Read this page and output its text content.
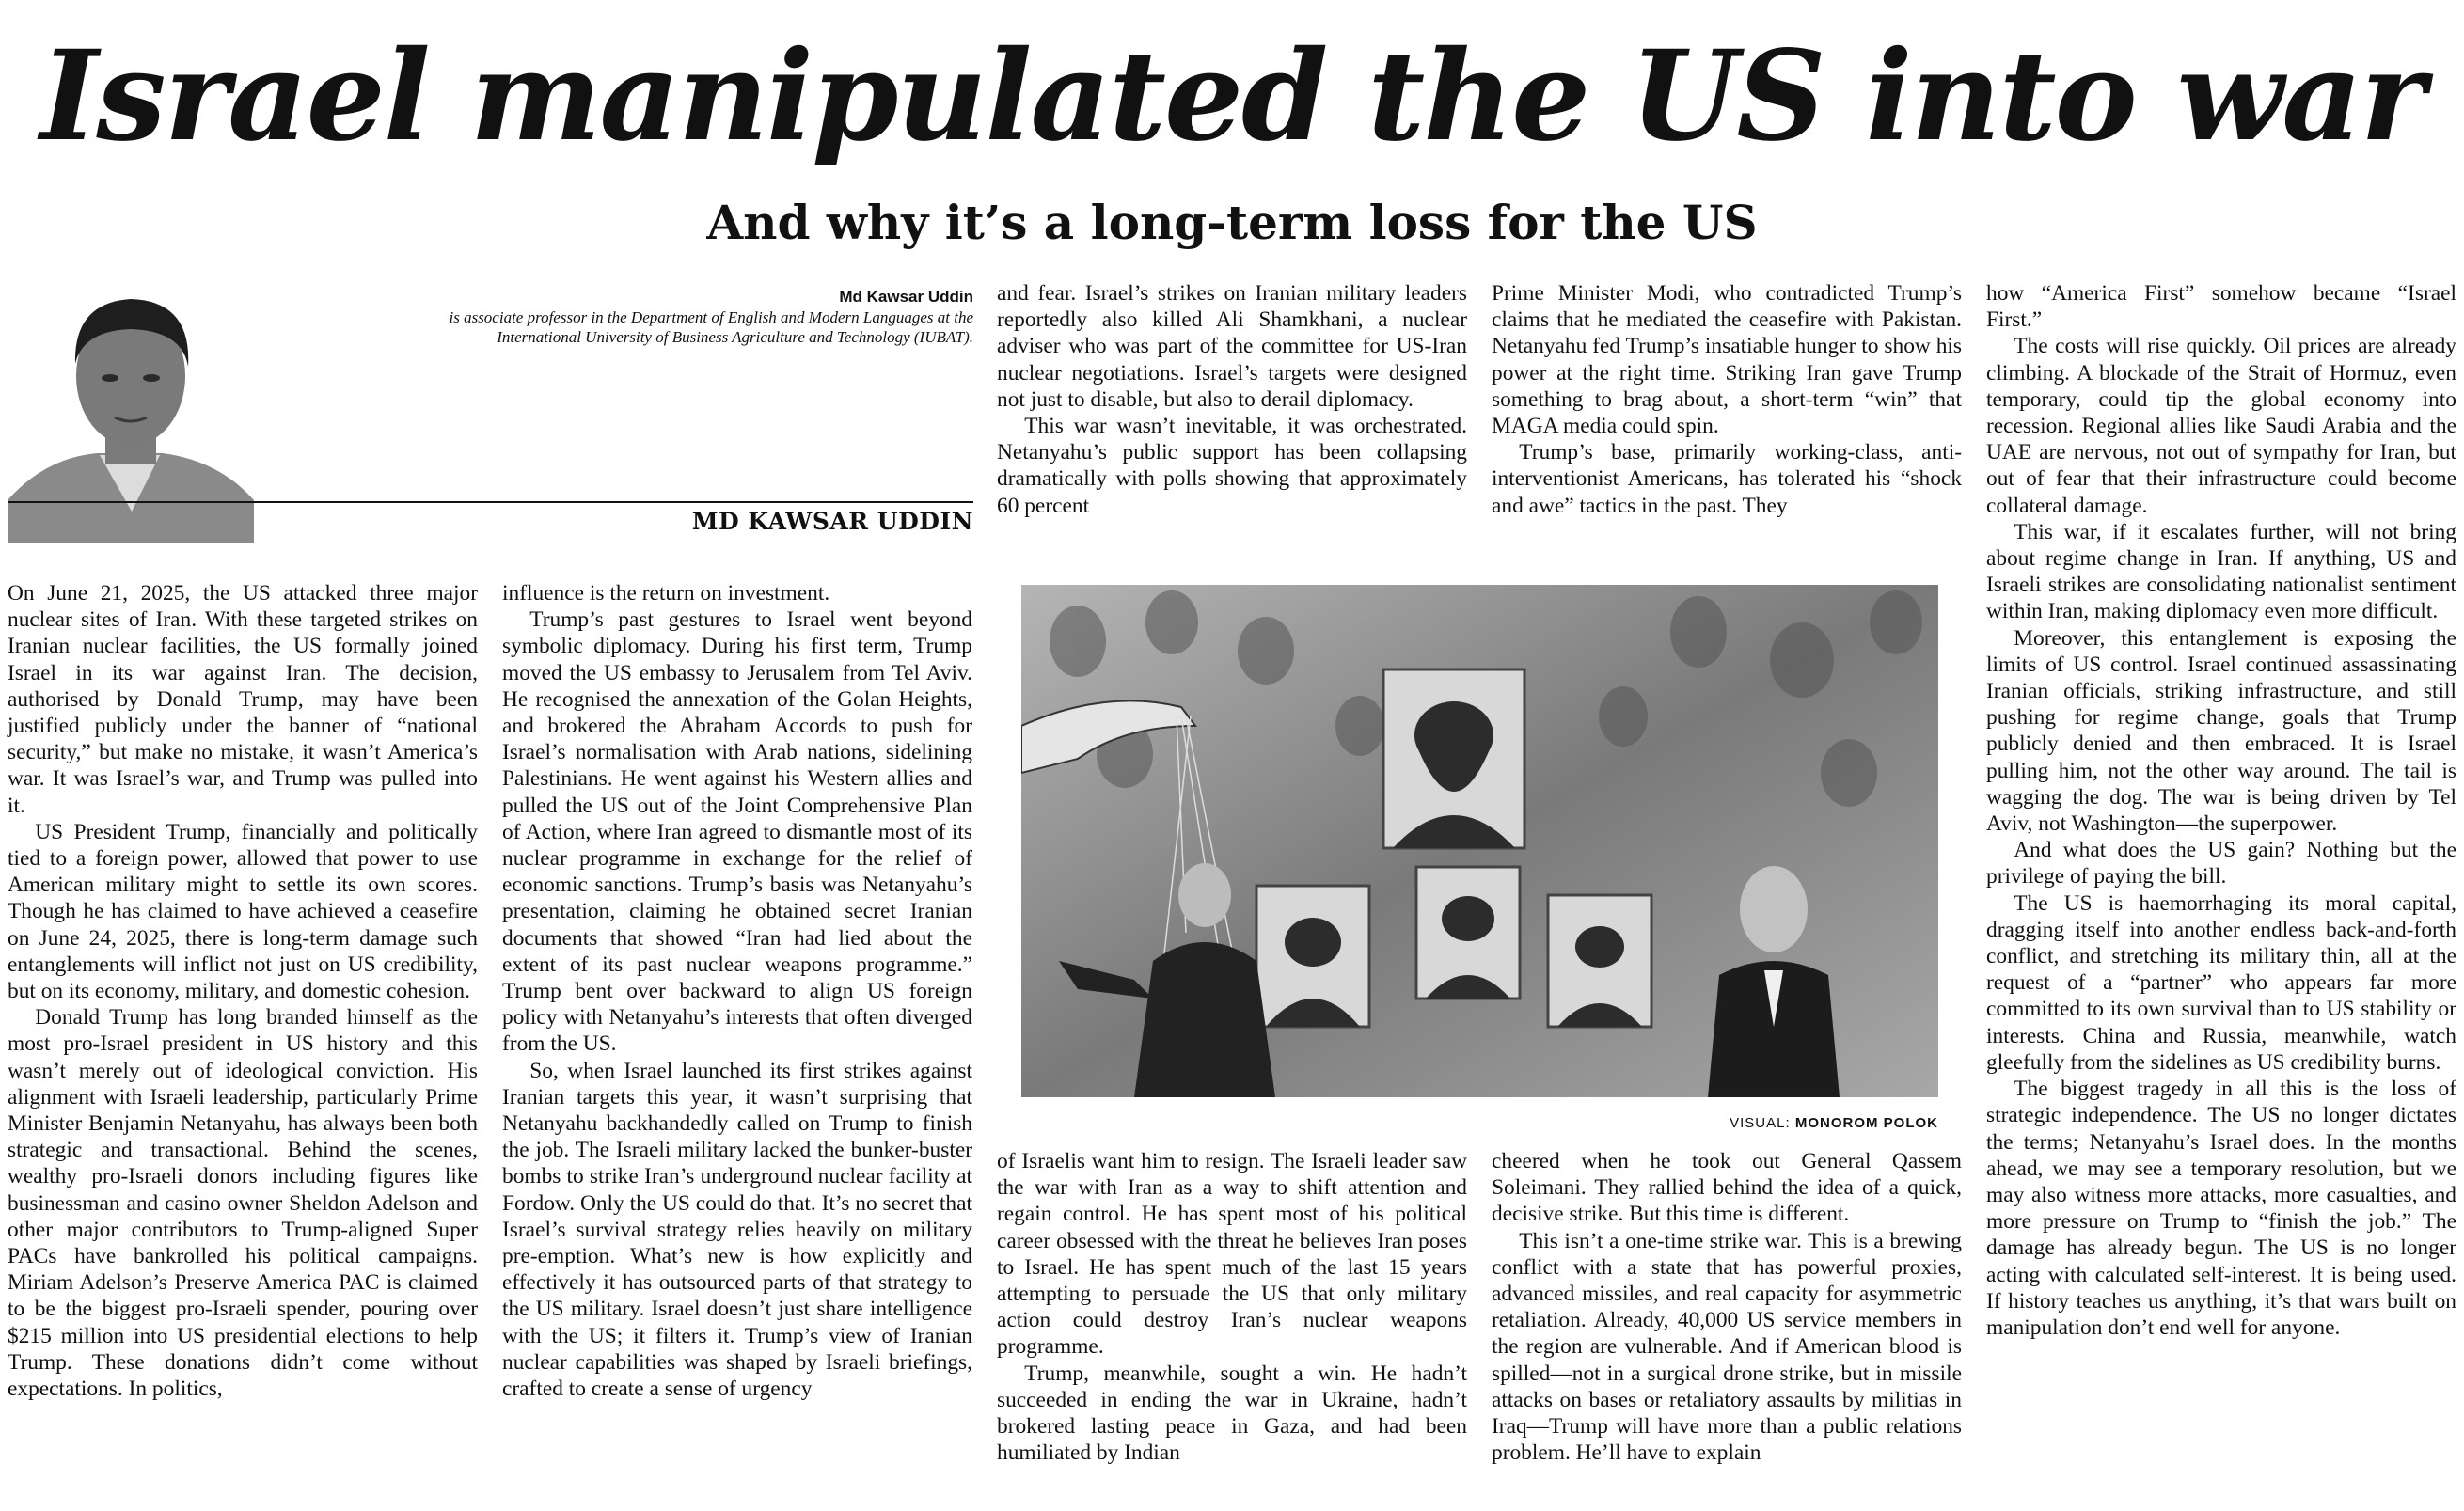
Israel manipulated the US into war
And why it’s a long-term loss for the US
Md Kawsar Uddin
is associate professor in the Department of English and Modern Languages at the International University of Business Agriculture and Technology (IUBAT).
MD KAWSAR UDDIN

On June 21, 2025, the US attacked three major nuclear sites of Iran. With these targeted strikes on Iranian nuclear facilities, the US formally joined Israel in its war against Iran. The decision, authorised by Donald Trump, may have been justified publicly under the banner of “national security,” but make no mistake, it wasn’t America’s war. It was Israel’s war, and Trump was pulled into it.

US President Trump, financially and politically tied to a foreign power, allowed that power to use American military might to settle its own scores. Though he has claimed to have achieved a ceasefire on June 24, 2025, there is long-term damage such entanglements will inflict not just on US credibility, but on its economy, military, and domestic cohesion.

Donald Trump has long branded himself as the most pro-Israel president in US history and this wasn’t merely out of ideological conviction. His alignment with Israeli leadership, particularly Prime Minister Benjamin Netanyahu, has always been both strategic and transactional. Behind the scenes, wealthy pro-Israeli donors including figures like businessman and casino owner Sheldon Adelson and other major contributors to Trump-aligned Super PACs have bankrolled his political campaigns. Miriam Adelson’s Preserve America PAC is claimed to be the biggest pro-Israeli spender, pouring over $215 million into US presidential elections to help Trump. These donations didn’t come without expectations. In politics,

influence is the return on investment.

Trump’s past gestures to Israel went beyond symbolic diplomacy. During his first term, Trump moved the US embassy to Jerusalem from Tel Aviv. He recognised the annexation of the Golan Heights, and brokered the Abraham Accords to push for Israel’s normalisation with Arab nations, sidelining Palestinians. He went against his Western allies and pulled the US out of the Joint Comprehensive Plan of Action, where Iran agreed to dismantle most of its nuclear programme in exchange for the relief of economic sanctions. Trump’s basis was Netanyahu’s presentation, claiming he obtained secret Iranian documents that showed “Iran had lied about the extent of its past nuclear weapons programme.” Trump bent over backward to align US foreign policy with Netanyahu’s interests that often diverged from the US.

So, when Israel launched its first strikes against Iranian targets this year, it wasn’t surprising that Netanyahu backhandedly called on Trump to finish the job. The Israeli military lacked the bunker-buster bombs to strike Iran’s underground nuclear facility at Fordow. Only the US could do that. It’s no secret that Israel’s survival strategy relies heavily on military pre-emption. What’s new is how explicitly and effectively it has outsourced parts of that strategy to the US military. Israel doesn’t just share intelligence with the US; it filters it. Trump’s view of Iranian nuclear capabilities was shaped by Israeli briefings, crafted to create a sense of urgency

and fear. Israel’s strikes on Iranian military leaders reportedly also killed Ali Shamkhani, a nuclear adviser who was part of the committee for US-Iran nuclear negotiations. Israel’s targets were designed not just to disable, but also to derail diplomacy.

This war wasn’t inevitable, it was orchestrated. Netanyahu’s public support has been collapsing dramatically with polls showing that approximately 60 percent

Prime Minister Modi, who contradicted Trump’s claims that he mediated the ceasefire with Pakistan. Netanyahu fed Trump’s insatiable hunger to show his power at the right time. Striking Iran gave Trump something to brag about, a short-term “win” that MAGA media could spin.

Trump’s base, primarily working-class, anti-interventionist Americans, has tolerated his “shock and awe” tactics in the past. They

VISUAL: MONOROM POLOK

of Israelis want him to resign. The Israeli leader saw the war with Iran as a way to shift attention and regain control. He has spent most of his political career obsessed with the threat he believes Iran poses to Israel. He has spent much of the last 15 years attempting to persuade the US that only military action could destroy Iran’s nuclear weapons programme.

Trump, meanwhile, sought a win. He hadn’t succeeded in ending the war in Ukraine, hadn’t brokered lasting peace in Gaza, and had been humiliated by Indian

cheered when he took out General Qassem Soleimani. They rallied behind the idea of a quick, decisive strike. But this time is different.

This isn’t a one-time strike war. This is a brewing conflict with a state that has powerful proxies, advanced missiles, and real capacity for asymmetric retaliation. Already, 40,000 US service members in the region are vulnerable. And if American blood is spilled—not in a surgical drone strike, but in missile attacks on bases or retaliatory assaults by militias in Iraq—Trump will have more than a public relations problem. He’ll have to explain

how “America First” somehow became “Israel First.”

The costs will rise quickly. Oil prices are already climbing. A blockade of the Strait of Hormuz, even temporary, could tip the global economy into recession. Regional allies like Saudi Arabia and the UAE are nervous, not out of sympathy for Iran, but out of fear that their infrastructure could become collateral damage.

This war, if it escalates further, will not bring about regime change in Iran. If anything, US and Israeli strikes are consolidating nationalist sentiment within Iran, making diplomacy even more difficult.

Moreover, this entanglement is exposing the limits of US control. Israel continued assassinating Iranian officials, striking infrastructure, and still pushing for regime change, goals that Trump publicly denied and then embraced. It is Israel pulling him, not the other way around. The tail is wagging the dog. The war is being driven by Tel Aviv, not Washington—the superpower.

And what does the US gain? Nothing but the privilege of paying the bill.

The US is haemorrhaging its moral capital, dragging itself into another endless back-and-forth conflict, and stretching its military thin, all at the request of a “partner” who appears far more committed to its own survival than to US stability or interests. China and Russia, meanwhile, watch gleefully from the sidelines as US credibility burns.

The biggest tragedy in all this is the loss of strategic independence. The US no longer dictates the terms; Netanyahu’s Israel does. In the months ahead, we may see a temporary resolution, but we may also witness more attacks, more casualties, and more pressure on Trump to “finish the job.” The damage has already begun. The US is no longer acting with calculated self-interest. It is being used. If history teaches us anything, it’s that wars built on manipulation don’t end well for anyone.
